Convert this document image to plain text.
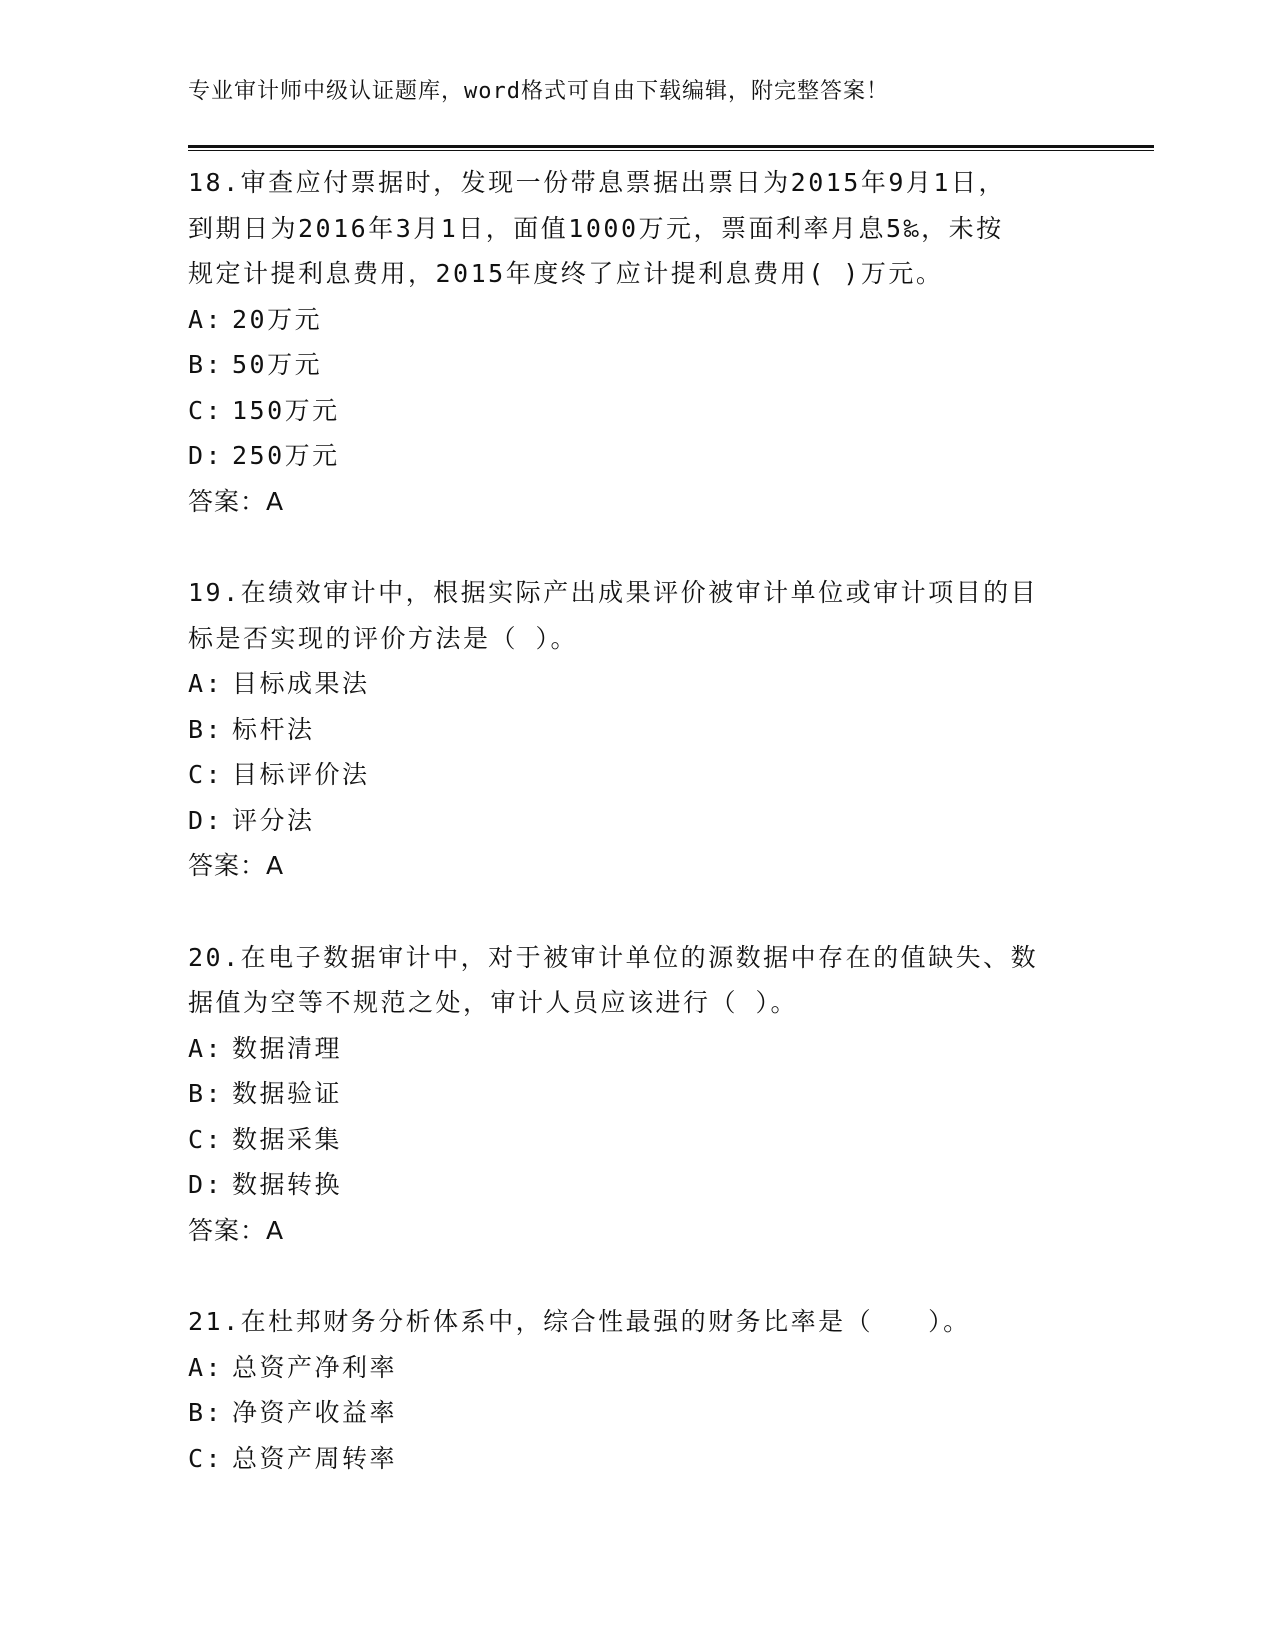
专业审计师中级认证题库，word格式可自由下载编辑，附完整答案！

18.审查应付票据时，发现一份带息票据出票日为2015年9月1日，

到期日为2016年3月1日，面值1000万元，票面利率月息5‰，未按

规定计提利息费用，2015年度终了应计提利息费用( )万元。

A: 20万元
B: 50万元
C: 150万元
D: 250万元
答案：A

19.在绩效审计中，根据实际产出成果评价被审计单位或审计项目的目

标是否实现的评价方法是（ ）。

A: 目标成果法
B: 标杆法
C: 目标评价法
D: 评分法
答案：A

20.在电子数据审计中，对于被审计单位的源数据中存在的值缺失、数

据值为空等不规范之处，审计人员应该进行（ ）。

A: 数据清理
B: 数据验证
C: 数据采集
D: 数据转换
答案：A

21.在杜邦财务分析体系中，综合性最强的财务比率是（　　）。

A: 总资产净利率
B: 净资产收益率
C: 总资产周转率
